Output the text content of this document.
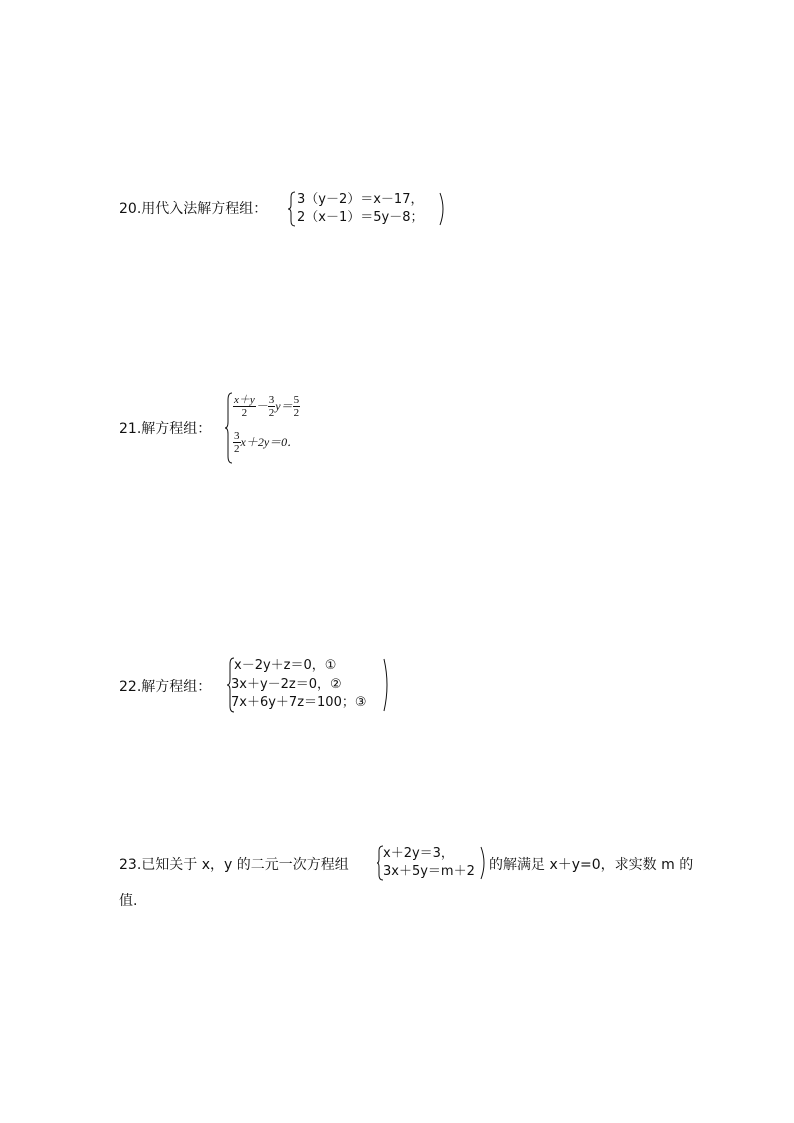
20.用代入法解方程组：
3（y－2）＝x－17，
2（x－1）＝5y－8；
21.解方程组：
$\frac{x+y}{2} - \frac{3}{2} y= \frac{5}{2}$
$\frac{3}{2} x+2y=0$．
22.解方程组：
x－2y＋z＝0，①
3x＋y－2z＝0，②
7x＋6y＋7z＝100；③
23.已知关于 x，y 的二元一次方程组
x＋2y＝3，
3x＋5y＝m＋2 的解满足 x＋y=0，求实数 m 的
值.
